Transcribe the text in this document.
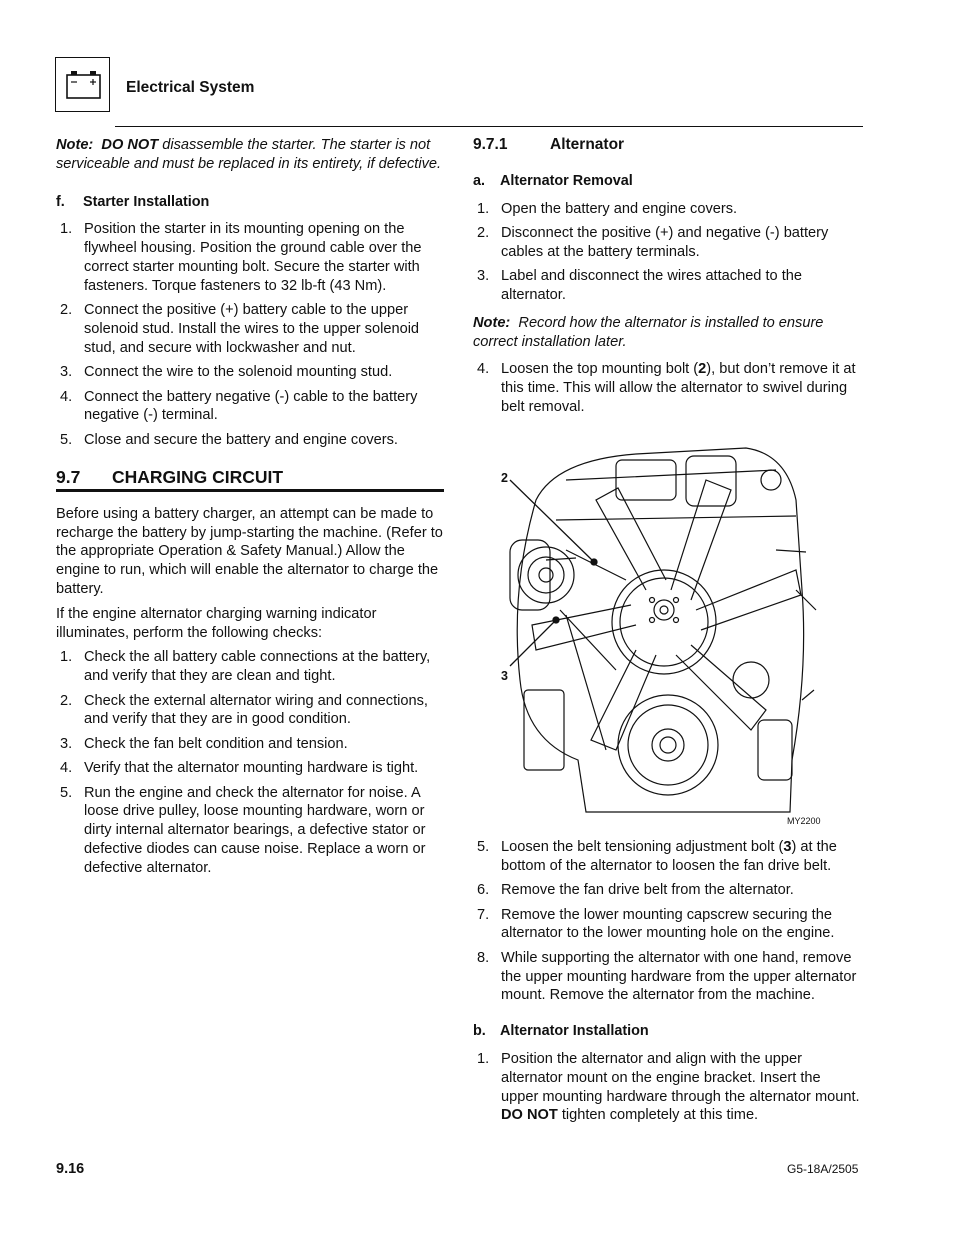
Electrical System

Note: DO NOT disassemble the starter. The starter is not serviceable and must be replaced in its entirety, if defective.

f. Starter Installation
1. Position the starter in its mounting opening on the flywheel housing. Position the ground cable over the correct starter mounting bolt. Secure the starter with fasteners. Torque fasteners to 32 lb-ft (43 Nm).
2. Connect the positive (+) battery cable to the upper solenoid stud. Install the wires to the upper solenoid stud, and secure with lockwasher and nut.
3. Connect the wire to the solenoid mounting stud.
4. Connect the battery negative (-) cable to the battery negative (-) terminal.
5. Close and secure the battery and engine covers.
9.7 CHARGING CIRCUIT

Before using a battery charger, an attempt can be made to recharge the battery by jump-starting the machine. (Refer to the appropriate Operation & Safety Manual.) Allow the engine to run, which will enable the alternator to charge the battery.

If the engine alternator charging warning indicator illuminates, perform the following checks:

1. Check the all battery cable connections at the battery, and verify that they are clean and tight.
2. Check the external alternator wiring and connections, and verify that they are in good condition.
3. Check the fan belt condition and tension.
4. Verify that the alternator mounting hardware is tight.
5. Run the engine and check the alternator for noise. A loose drive pulley, loose mounting hardware, worn or dirty internal alternator bearings, a defective stator or defective diodes can cause noise. Replace a worn or defective alternator.
9.7.1	Alternator
a. Alternator Removal
1. Open the battery and engine covers.
2. Disconnect the positive (+) and negative (-) battery cables at the battery terminals.
3. Label and disconnect the wires attached to the alternator.

Note: Record how the alternator is installed to ensure correct installation later.

4. Loosen the top mounting bolt (2), but don’t remove it at this time. This will allow the alternator to swivel during belt removal.
2
3
MY2200
5. Loosen the belt tensioning adjustment bolt (3) at the bottom of the alternator to loosen the fan drive belt.
6. Remove the fan drive belt from the alternator.
7. Remove the lower mounting capscrew securing the alternator to the lower mounting hole on the engine.
8. While supporting the alternator with one hand, remove the upper mounting hardware from the upper alternator mount. Remove the alternator from the machine.
b. Alternator Installation
1. Position the alternator and align with the upper alternator mount on the engine bracket. Insert the upper mounting hardware through the alternator mount. DO NOT tighten completely at this time.
9.16	G5-18A/2505
